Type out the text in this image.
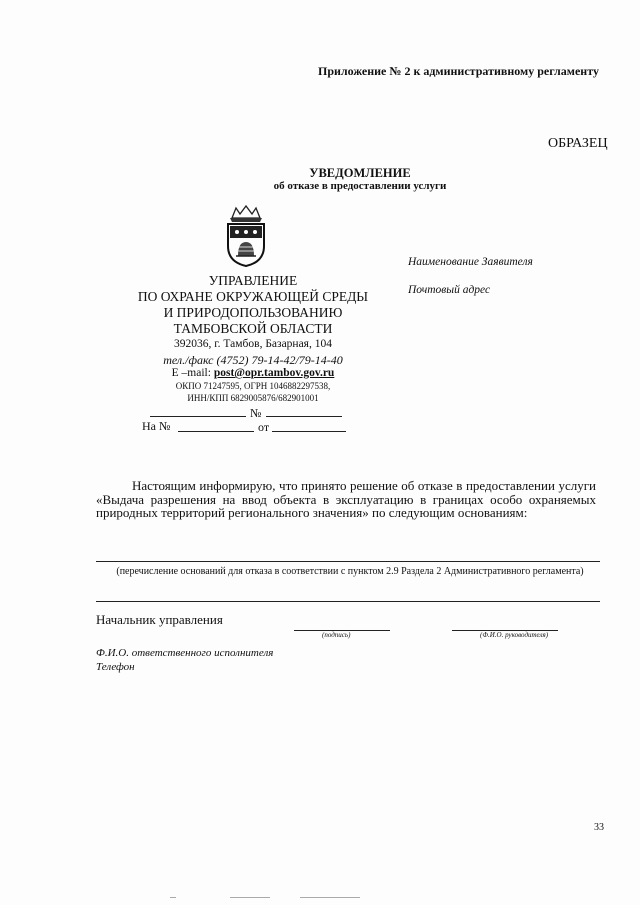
Приложение № 2 к административному регламенту
ОБРАЗЕЦ
УВЕДОМЛЕНИЕ
об отказе в предоставлении услуги
УПРАВЛЕНИЕ
ПО ОХРАНЕ ОКРУЖАЮЩЕЙ СРЕДЫ
И ПРИРОДОПОЛЬЗОВАНИЮ
ТАМБОВСКОЙ ОБЛАСТИ
392036, г. Тамбов, Базарная, 104
тел./факс (4752) 79-14-42/79-14-40
E –mail: post@opr.tambov.gov.ru
ОКПО 71247595, ОГРН 1046882297538,
ИНН/КПП 6829005876/682901001
№
На №	от
Наименование Заявителя
Почтовый адрес
Настоящим информирую, что принято решение об отказе в предоставлении услуги «Выдача разрешения на ввод объекта в эксплуатацию в границах особо охраняемых природных территорий регионального значения» по следующим основаниям:
(перечисление оснований для отказа в соответствии с пунктом 2.9 Раздела 2 Административного регламента)
Начальник управления
(подпись)	(Ф.И.О. руководителя)
Ф.И.О. ответственного исполнителя
Телефон
33
